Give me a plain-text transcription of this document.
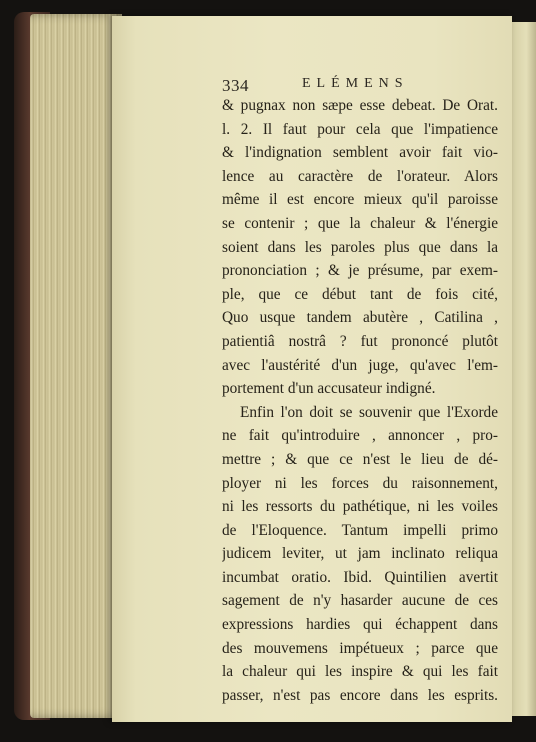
334	ELÉMENS
& pugnax non sæpe esse debeat. De Orat.
l. 2. Il faut pour cela que l'impatience
& l'indignation semblent avoir fait vio-
lence au caractère de l'orateur. Alors
même il est encore mieux qu'il paroisse
se contenir ; que la chaleur & l'énergie
soient dans les paroles plus que dans la
prononciation ; & je présume, par exem-
ple, que ce début tant de fois cité,
Quo usque tandem abutère , Catilina ,
patientiâ nostrâ ? fut prononcé plutôt
avec l'austérité d'un juge, qu'avec l'em-
portement d'un accusateur indigné.
Enfin l'on doit se souvenir que l'Exorde
ne fait qu'introduire , annoncer , pro-
mettre ; & que ce n'est le lieu de dé-
ployer ni les forces du raisonnement,
ni les ressorts du pathétique, ni les voiles
de l'Eloquence. Tantum impelli primo
judicem leviter, ut jam inclinato reliqua
incumbat oratio. Ibid. Quintilien avertit
sagement de n'y hasarder aucune de ces
expressions hardies qui échappent dans
des mouvemens impétueux ; parce que
la chaleur qui les inspire & qui les fait
passer, n'est pas encore dans les esprits.
